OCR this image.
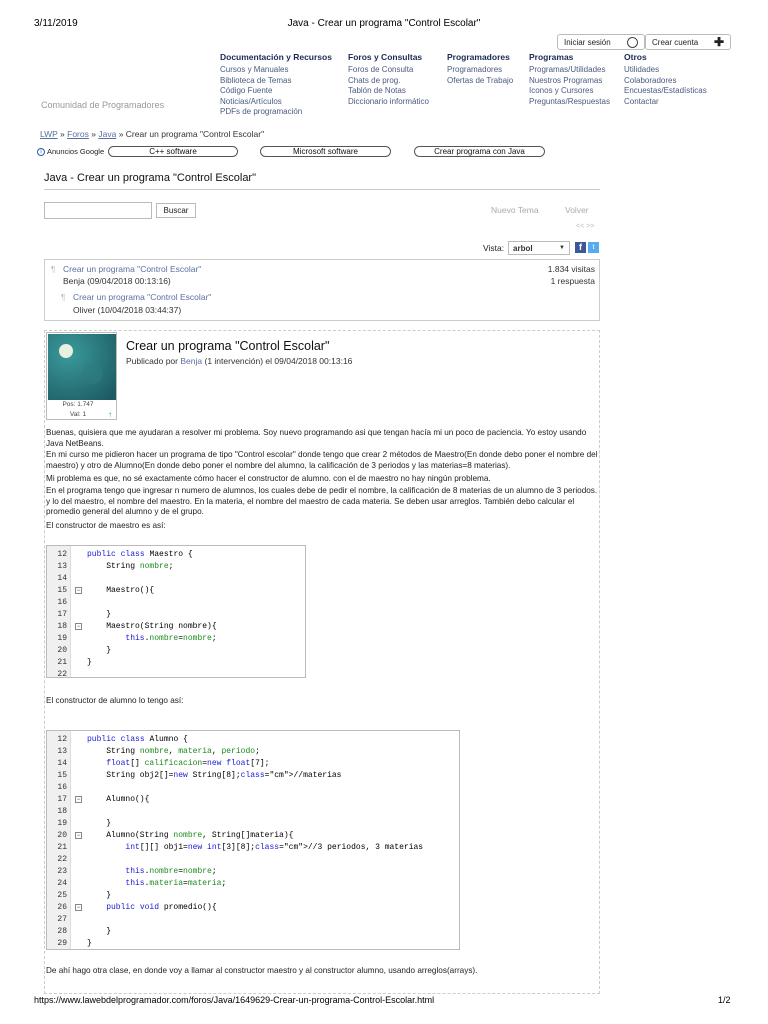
3/11/2019	Java - Crear un programa "Control Escolar"
Iniciar sesión	Crear cuenta ✚
Comunidad de Programadores
Documentación y Recursos
Cursos y Manuales
Biblioteca de Temas
Código Fuente
Noticias/Artículos
PDFs de programación
Foros y Consultas
Foros de Consulta
Chats de prog.
Tablón de Notas
Diccionario informático
Programadores
Programadores
Ofertas de Trabajo
Programas
Programas/Utilidades
Nuestros Programas
Iconos y Cursores
Preguntas/Respuestas
Otros
Utilidades
Colaboradores
Encuestas/Estadísticas
Contactar
LWP » Foros » Java » Crear un programa "Control Escolar"
i Anuncios Google	C++ software	Microsoft software	Crear programa con Java
Java - Crear un programa "Control Escolar"
Buscar	Nuevo Tema	Volver
<< >>
Vista: arbol	▼	f	t
¶ Crear un programa "Control Escolar"
Benja (09/04/2018 00:13:16)
1.834 visitas
1 respuesta
¶ Crear un programa "Control Escolar"
Oliver (10/04/2018 03:44:37)
Pos: 1.747
Val: 1	↑
Crear un programa "Control Escolar"
Publicado por Benja (1 intervención) el 09/04/2018 00:13:16
Buenas, quisiera que me ayudaran a resolver mi problema. Soy nuevo programando asi que tengan hacía mi un poco de paciencia. Yo estoy usando Java NetBeans.
En mi curso me pidieron hacer un programa de tipo "Control escolar" donde tengo que crear 2 métodos de Maestro(En donde debo poner el nombre del maestro) y otro de Alumno(En donde debo poner el nombre del alumno, la calificación de 3 periodos y las materias=8 materias).
Mi problema es que, no sé exactamente cómo hacer el constructor de alumno. con el de maestro no hay ningún problema.
En el programa tengo que ingresar n numero de alumnos, los cuales debe de pedir el nombre, la calificación de 8 materias de un alumno de 3 periodos. y lo del maestro, el nombre del maestro. En la materia, el nombre del maestro de cada materia. Se deben usar arreglos. También debo calcular el promedio general del alumno y de el grupo.
El constructor de maestro es así:
12	public class Maestro {
13	String nombre;
14
15	Maestro(){
−
16
17	}
18	Maestro(String nombre){
−
19	this.nombre=nombre;
20	}
21	}
22
El constructor de alumno lo tengo así:
12	public class Alumno {
13	String nombre, materia, periodo;
14	float[] calificacion=new float[7];
15	String obj2[]=new String[8];class="cm">//materias
16
17	Alumno(){
−
18
19	}
20	Alumno(String nombre, String[]materia){
−
21	int[][] obj1=new int[3][8];class="cm">//3 periodos, 3 materias
22
23	this.nombre=nombre;
24	this.materia=materia;
25	}
26	public void promedio(){
−
27
28	}
29	}
De ahí hago otra clase, en donde voy a llamar al constructor maestro y al constructor alumno, usando arreglos(arrays).
https://www.lawebdelprogramador.com/foros/Java/1649629-Crear-un-programa-Control-Escolar.html	1/2
